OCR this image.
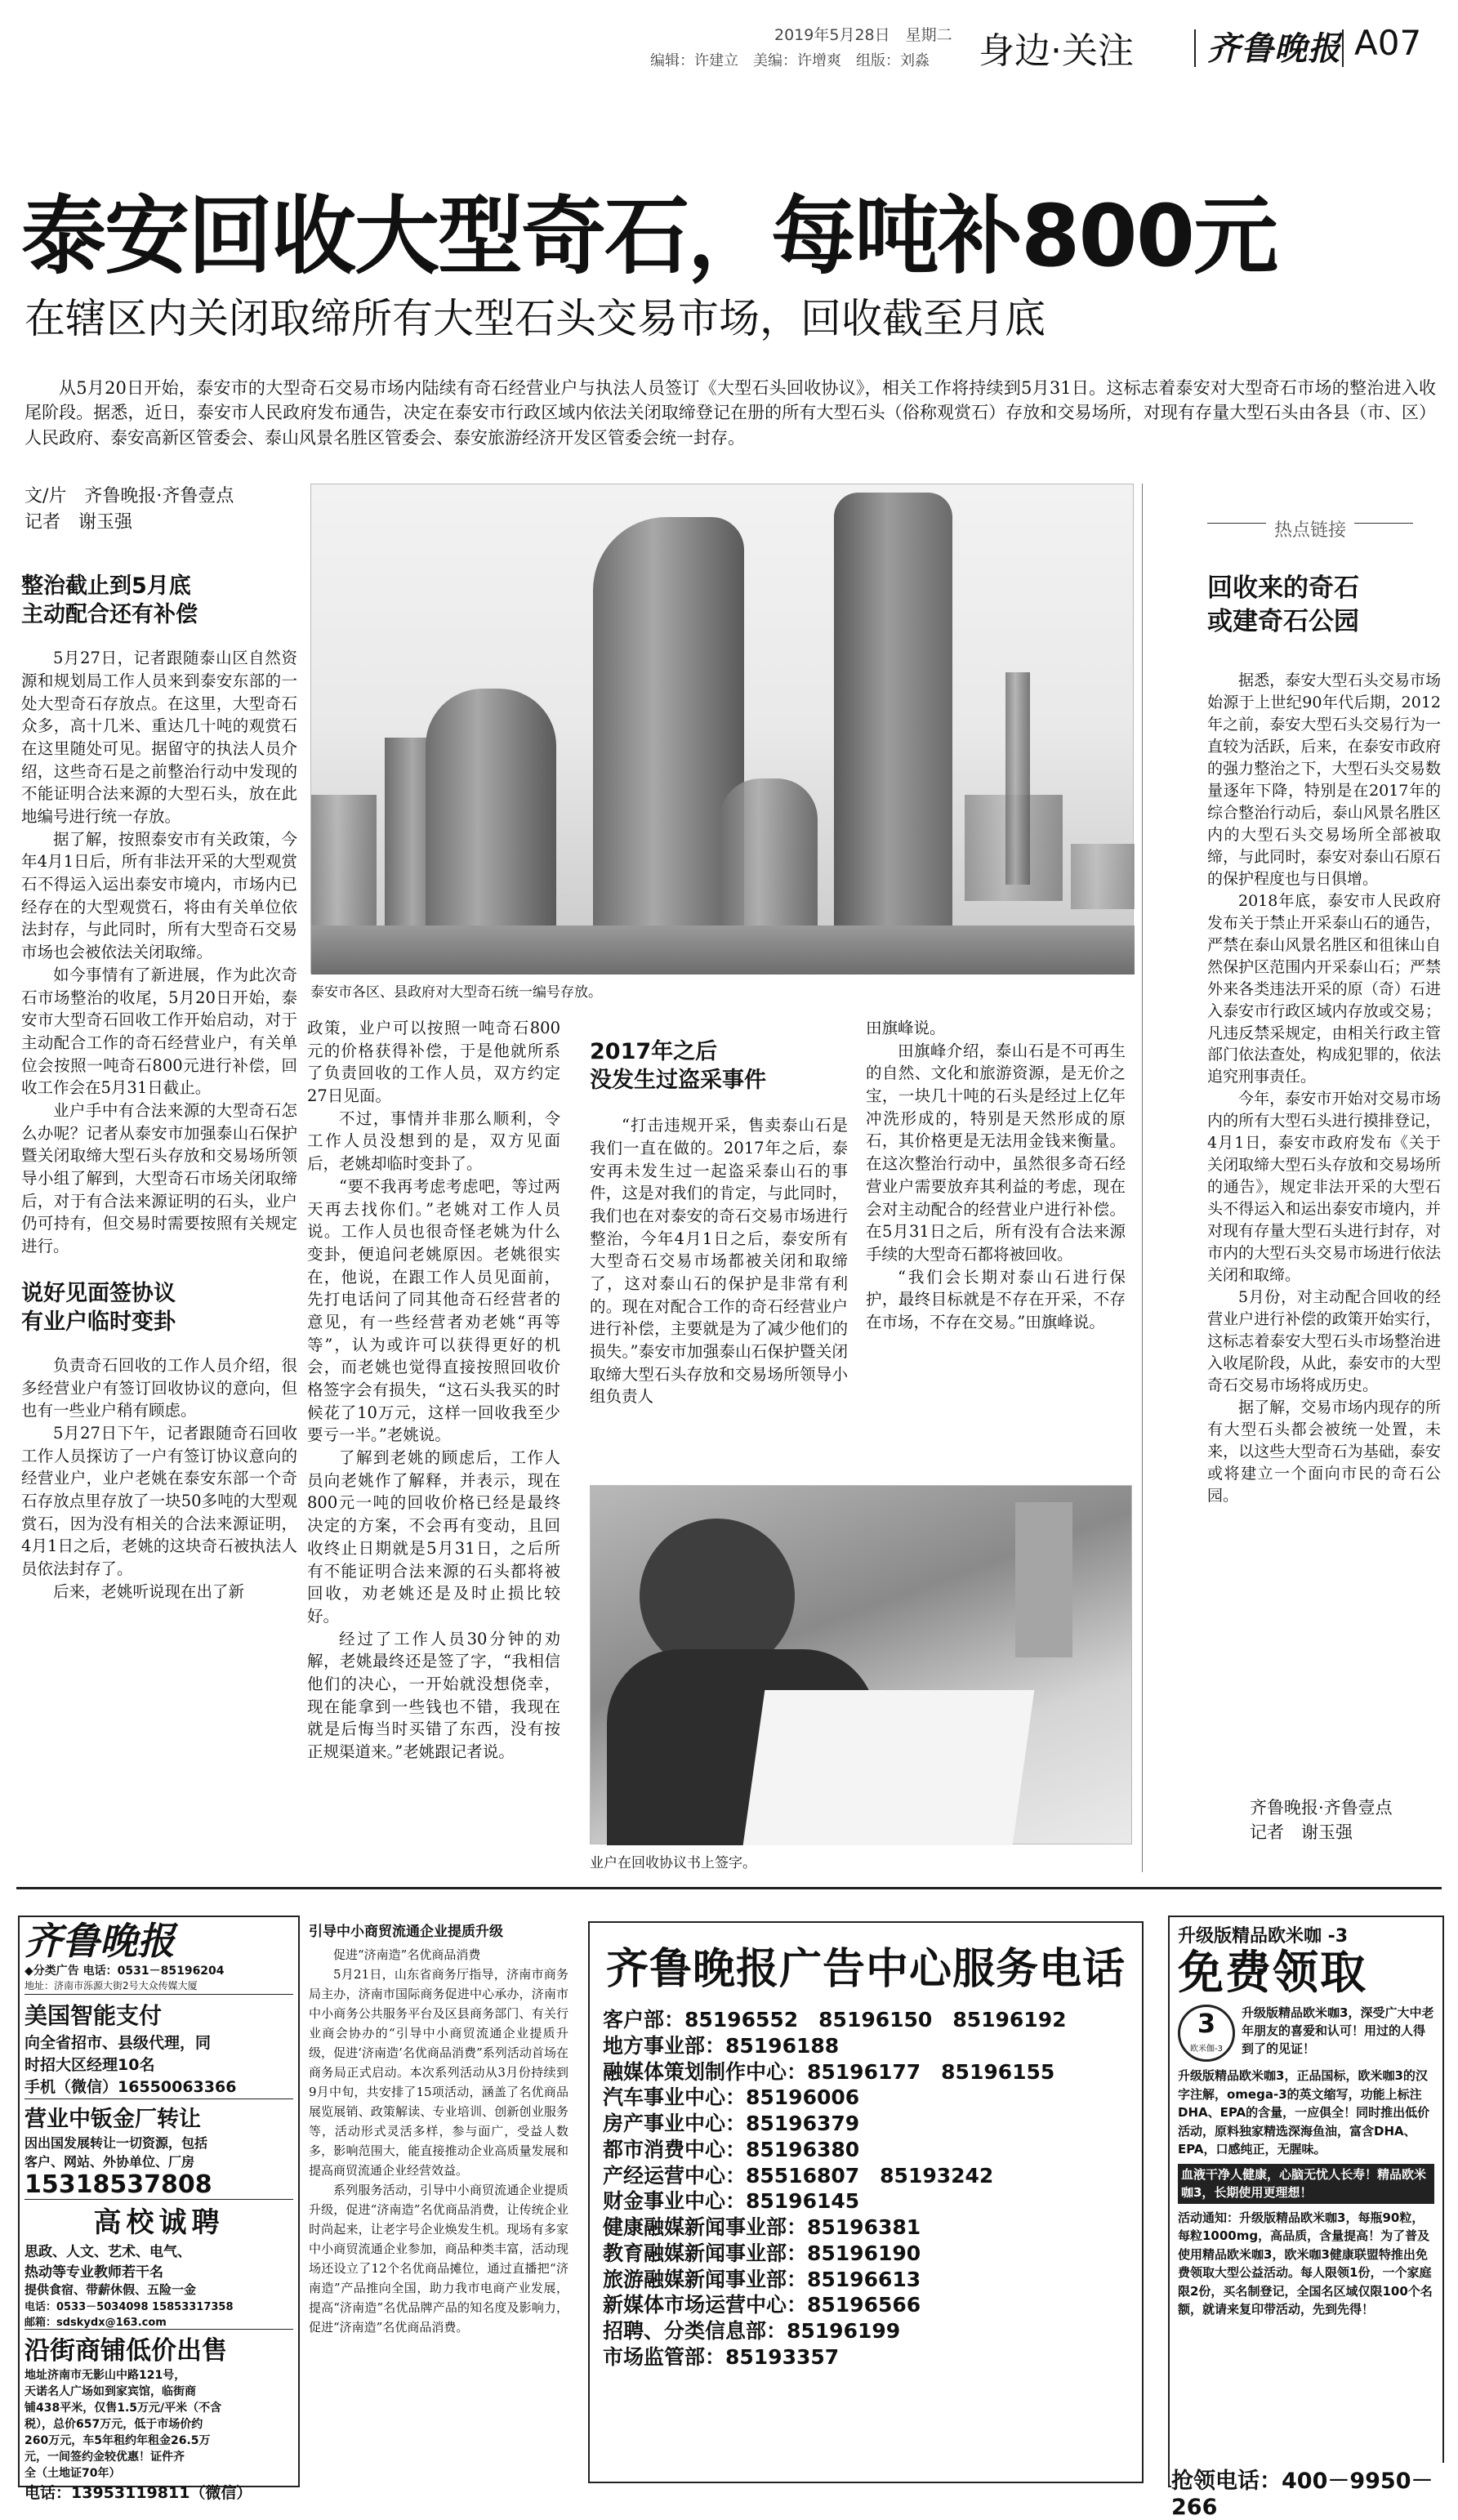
2019年5月28日　星期二
编辑：许建立　美编：许增爽　组版：刘淼 身边·关注 齐鲁晚报 A07
泰安回收大型奇石，每吨补800元
在辖区内关闭取缔所有大型石头交易市场，回收截至月底

从5月20日开始，泰安市的大型奇石交易市场内陆续有奇石经营业户与执法人员签订《大型石头回收协议》，相关工作将持续到5月31日。这标志着泰安对大型奇石市场的整治进入收尾阶段。据悉，近日，泰安市人民政府发布通告，决定在泰安市行政区域内依法关闭取缔登记在册的所有大型石头（俗称观赏石）存放和交易场所，对现有存量大型石头由各县（市、区）人民政府、泰安高新区管委会、泰山风景名胜区管委会、泰安旅游经济开发区管委会统一封存。

文/片　齐鲁晚报·齐鲁壹点
记者　谢玉强
泰安市各区、县政府对大型奇石统一编号存放。
整治截止到5月底
主动配合还有补偿

5月27日，记者跟随泰山区自然资源和规划局工作人员来到泰安东部的一处大型奇石存放点。在这里，大型奇石众多，高十几米、重达几十吨的观赏石在这里随处可见。据留守的执法人员介绍，这些奇石是之前整治行动中发现的不能证明合法来源的大型石头，放在此地编号进行统一存放。

据了解，按照泰安市有关政策，今年4月1日后，所有非法开采的大型观赏石不得运入运出泰安市境内，市场内已经存在的大型观赏石，将由有关单位依法封存，与此同时，所有大型奇石交易市场也会被依法关闭取缔。

如今事情有了新进展，作为此次奇石市场整治的收尾，5月20日开始，泰安市大型奇石回收工作开始启动，对于主动配合工作的奇石经营业户，有关单位会按照一吨奇石800元进行补偿，回收工作会在5月31日截止。

业户手中有合法来源的大型奇石怎么办呢？记者从泰安市加强泰山石保护暨关闭取缔大型石头存放和交易场所领导小组了解到，大型奇石市场关闭取缔后，对于有合法来源证明的石头，业户仍可持有，但交易时需要按照有关规定进行。

说好见面签协议
有业户临时变卦

负责奇石回收的工作人员介绍，很多经营业户有签订回收协议的意向，但也有一些业户稍有顾虑。

5月27日下午，记者跟随奇石回收工作人员探访了一户有签订协议意向的经营业户，业户老姚在泰安东部一个奇石存放点里存放了一块50多吨的大型观赏石，因为没有相关的合法来源证明，4月1日之后，老姚的这块奇石被执法人员依法封存了。

后来，老姚听说现在出了新

政策，业户可以按照一吨奇石800元的价格获得补偿，于是他就所系了负责回收的工作人员，双方约定27日见面。

不过，事情并非那么顺利，令工作人员没想到的是，双方见面后，老姚却临时变卦了。

“要不我再考虑考虑吧，等过两天再去找你们。”老姚对工作人员说。工作人员也很奇怪老姚为什么变卦，便追问老姚原因。老姚很实在，他说，在跟工作人员见面前，先打电话问了同其他奇石经营者的意见，有一些经营者劝老姚“再等等”，认为或许可以获得更好的机会，而老姚也觉得直接按照回收价格签字会有损失，“这石头我买的时候花了10万元，这样一回收我至少要亏一半。”老姚说。

了解到老姚的顾虑后，工作人员向老姚作了解释，并表示，现在800元一吨的回收价格已经是最终决定的方案，不会再有变动，且回收终止日期就是5月31日，之后所有不能证明合法来源的石头都将被回收，劝老姚还是及时止损比较好。

经过了工作人员30分钟的劝解，老姚最终还是签了字，“我相信他们的决心，一开始就没想侥幸，现在能拿到一些钱也不错，我现在就是后悔当时买错了东西，没有按正规渠道来。”老姚跟记者说。

2017年之后
没发生过盗采事件

“打击违规开采，售卖泰山石是我们一直在做的。2017年之后，泰安再未发生过一起盗采泰山石的事件，这是对我们的肯定，与此同时，我们也在对泰安的奇石交易市场进行整治，今年4月1日之后，泰安所有大型奇石交易市场都被关闭和取缔了，这对泰山石的保护是非常有利的。现在对配合工作的奇石经营业户进行补偿，主要就是为了减少他们的损失。”泰安市加强泰山石保护暨关闭取缔大型石头存放和交易场所领导小组负责人

田旗峰说。

田旗峰介绍，泰山石是不可再生的自然、文化和旅游资源，是无价之宝，一块几十吨的石头是经过上亿年冲洗形成的，特别是天然形成的原石，其价格更是无法用金钱来衡量。在这次整治行动中，虽然很多奇石经营业户需要放弃其利益的考虑，现在会对主动配合的经营业户进行补偿。在5月31日之后，所有没有合法来源手续的大型奇石都将被回收。

“我们会长期对泰山石进行保护，最终目标就是不存在开采，不存在市场，不存在交易。”田旗峰说。

业户在回收协议书上签字。
热点链接
回收来的奇石
或建奇石公园

据悉，泰安大型石头交易市场始源于上世纪90年代后期，2012年之前，泰安大型石头交易行为一直较为活跃，后来，在泰安市政府的强力整治之下，大型石头交易数量逐年下降，特别是在2017年的综合整治行动后，泰山风景名胜区内的大型石头交易场所全部被取缔，与此同时，泰安对泰山石原石的保护程度也与日俱增。

2018年底，泰安市人民政府发布关于禁止开采泰山石的通告，严禁在泰山风景名胜区和徂徕山自然保护区范围内开采泰山石；严禁外来各类违法开采的原（奇）石进入泰安市行政区域内存放或交易；凡违反禁采规定，由相关行政主管部门依法查处，构成犯罪的，依法追究刑事责任。

今年，泰安市开始对交易市场内的所有大型石头进行摸排登记，4月1日，泰安市政府发布《关于关闭取缔大型石头存放和交易场所的通告》，规定非法开采的大型石头不得运入和运出泰安市境内，并对现有存量大型石头进行封存，对市内的大型石头交易市场进行依法关闭和取缔。

5月份，对主动配合回收的经营业户进行补偿的政策开始实行，这标志着泰安大型石头市场整治进入收尾阶段，从此，泰安市的大型奇石交易市场将成历史。

据了解，交易市场内现存的所有大型石头都会被统一处置，未来，以这些大型奇石为基础，泰安或将建立一个面向市民的奇石公园。

齐鲁晚报·齐鲁壹点
记者　谢玉强
齐鲁晚报
◆分类广告 电话：0531－85196204
地址：济南市泺源大街2号大众传媒大厦
美国智能支付
向全省招市、县级代理，同
时招大区经理10名
手机（微信）16550063366
营业中钣金厂转让
因出国发展转让一切资源，包括
客户、网站、外协单位、厂房
15318537808
高校诚聘
思政、人文、艺术、电气、
热动等专业教师若干名
提供食宿、带薪休假、五险一金
电话：0533－5034098 15853317358
邮箱：sdskydx@163.com
沿街商铺低价出售
地址济南市无影山中路121号，
天诺名人广场如到家宾馆，临街商
铺438平米，仅售1.5万元/平米（不含
税），总价657万元，低于市场价约
260万元，车5年租约年租金26.5万
元，一间签约金较优惠！证件齐
全（土地证70年）
电话：13953119811（微信）
引导中小商贸流通企业提质升级

促进“济南造”名优商品消费

5月21日，山东省商务厅指导，济南市商务局主办，济南市国际商务促进中心承办，济南市中小商务公共服务平台及区县商务部门、有关行业商会协办的“引导中小商贸流通企业提质升级，促进‘济南造’名优商品消费”系列活动首场在商务局正式启动。本次系列活动从3月份持续到9月中旬，共安排了15项活动，涵盖了名优商品展览展销、政策解读、专业培训、创新创业服务等，活动形式灵活多样，参与面广，受益人数多，影响范围大，能直接推动企业高质量发展和提高商贸流通企业经营效益。

系列服务活动，引导中小商贸流通企业提质升级，促进“济南造”名优商品消费，让传统企业时尚起来，让老字号企业焕发生机。现场有多家中小商贸流通企业参加，商品种类丰富，活动现场还设立了12个名优商品摊位，通过直播把“济南造”产品推向全国，助力我市电商产业发展，提高“济南造”名优品牌产品的知名度及影响力，促进“济南造”名优商品消费。

齐鲁晚报广告中心服务电话
客户部：85196552　85196150　85196192
地方事业部：85196188
融媒体策划制作中心：85196177　85196155
汽车事业中心：85196006
房产事业中心：85196379
都市消费中心：85196380
产经运营中心：85516807　85193242
财金事业中心：85196145
健康融媒新闻事业部：85196381
教育融媒新闻事业部：85196190
旅游融媒新闻事业部：85196613
新媒体市场运营中心：85196566
招聘、分类信息部：85196199
市场监管部：85193357
升级版精品欧米咖 -3
免费领取
3
欧米伽-3
升级版精品欧米咖3，深受广大中老年朋友的喜爱和认可！用过的人得到了的见证！
升级版精品欧米咖3，正品国标，欧米咖3的汉字注解，omega-3的英文缩写，功能上标注DHA、EPA的含量，一应俱全！同时推出低价活动，原料独家精选深海鱼油，富含DHA、EPA，口感纯正，无腥味。
血液干净人健康，心脑无忧人长寿！精品欧米咖3，长期使用更理想！
活动通知：升级版精品欧米咖3，每瓶90粒，每粒1000mg，高品质，含量提高！为了普及使用精品欧米咖3，欧米咖3健康联盟特推出免费领取大型公益活动。每人限领1份，一个家庭限2份，买名制登记，全国名区域仅限100个名额，就请来复印带活动，先到先得！
抢领电话：400－9950－266
